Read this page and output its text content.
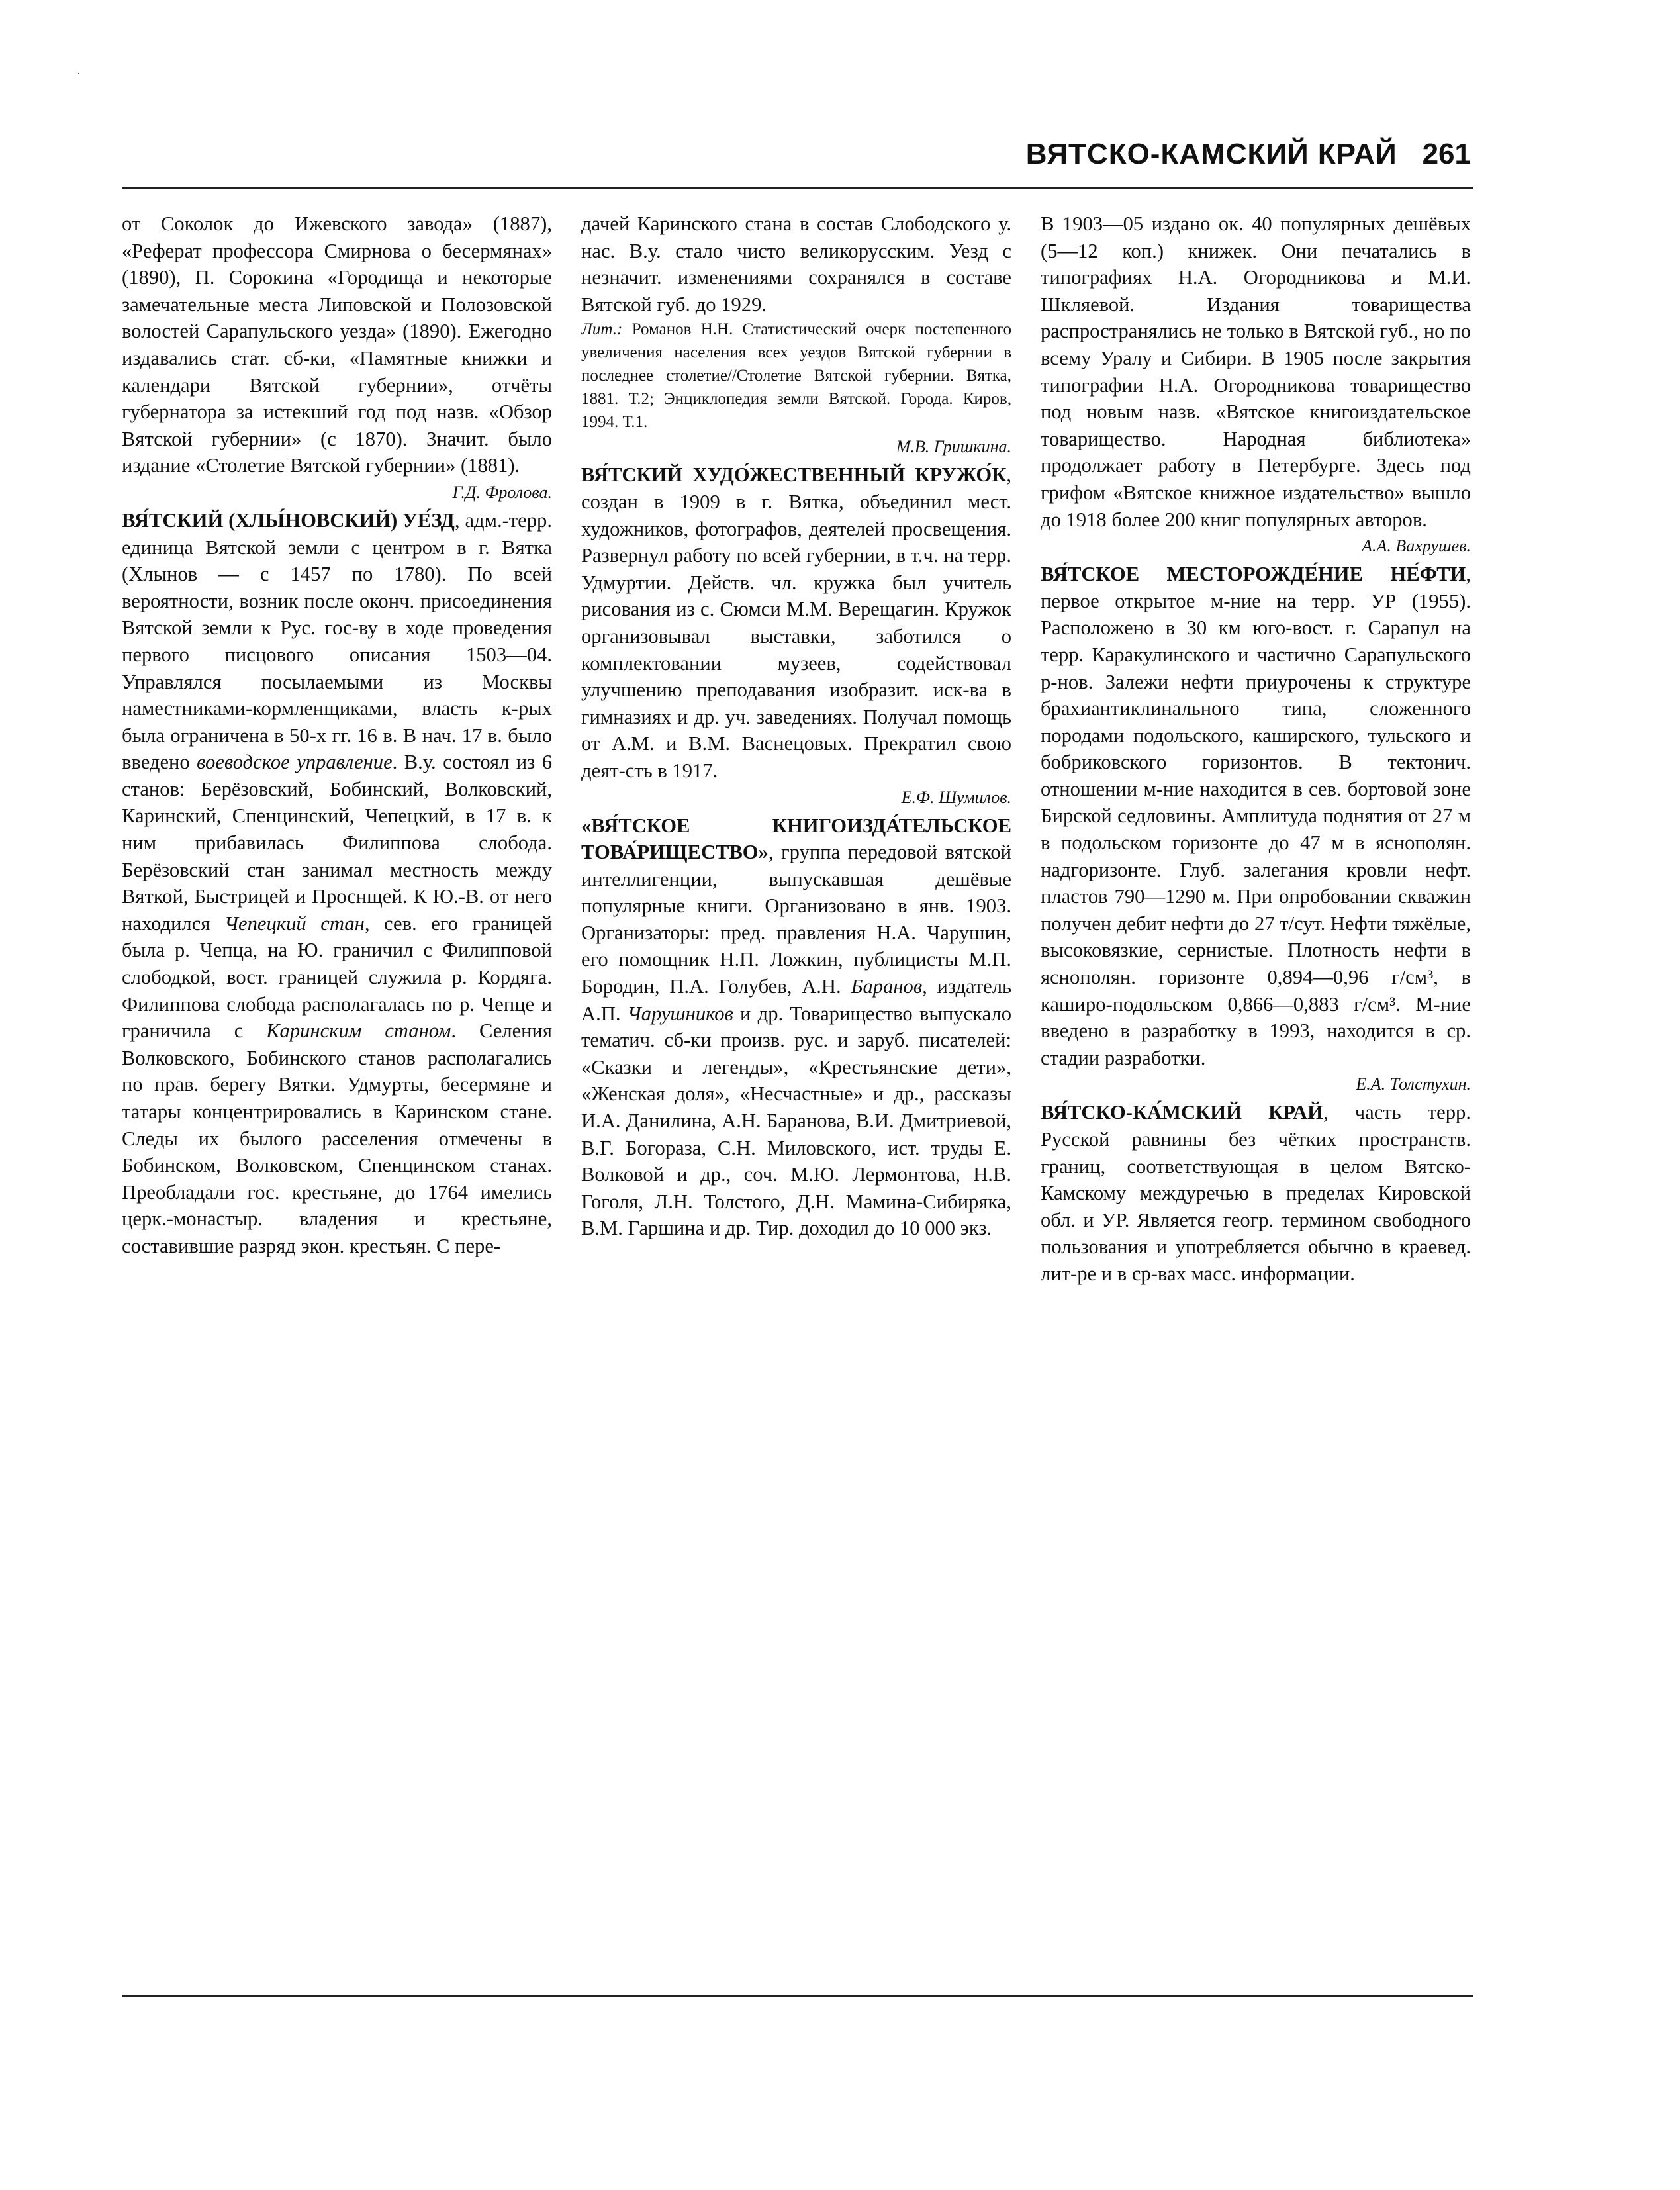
ВЯТСКО-КАМСКИЙ КРАЙ 261

от Соколок до Ижевского завода» (1887), «Реферат профессора Смирнова о бесермянах» (1890), П. Сорокина «Городища и некоторые замечательные места Липовской и Полозовской волостей Сарапульского уезда» (1890). Ежегодно издавались стат. сб-ки, «Памятные книжки и календари Вятской губернии», отчёты губернатора за истекший год под назв. «Обзор Вятской губернии» (с 1870). Значит. было издание «Столетие Вятской губернии» (1881).

Г.Д. Фролова.

ВЯ́ТСКИЙ (ХЛЫ́НОВСКИЙ) УЕ́ЗД, адм.-терр. единица Вятской земли с центром в г. Вятка (Хлынов — с 1457 по 1780). По всей вероятности, возник после оконч. присоединения Вятской земли к Рус. гос-ву в ходе проведения первого писцового описания 1503—04. Управлялся посылаемыми из Москвы наместниками-кормленщиками, власть к-рых была ограничена в 50-х гг. 16 в. В нач. 17 в. было введено воеводское управление. В.у. состоял из 6 станов: Берёзовский, Бобинский, Волковский, Каринский, Спенцинский, Чепецкий, в 17 в. к ним прибавилась Филиппова слобода. Берёзовский стан занимал местность между Вяткой, Быстрицей и Проснщей. К Ю.-В. от него находился Чепецкий стан, сев. его границей была р. Чепца, на Ю. граничил с Филипповой слободкой, вост. границей служила р. Кордяга. Филиппова слобода располагалась по р. Чепце и граничила с Каринским станом. Селения Волковского, Бобинского станов располагались по прав. берегу Вятки. Удмурты, бесермяне и татары концентрировались в Каринском стане. Следы их былого расселения отмечены в Бобинском, Волковском, Спенцинском станах. Преобладали гос. крестьяне, до 1764 имелись церк.-монастыр. владения и крестьяне, составившие разряд экон. крестьян. С пере-

дачей Каринского стана в состав Слободского у. нас. В.у. стало чисто великорусским. Уезд с незначит. изменениями сохранялся в составе Вятской губ. до 1929.

Лит.: Романов Н.Н. Статистический очерк постепенного увеличения населения всех уездов Вятской губернии в последнее столетие//Столетие Вятской губернии. Вятка, 1881. Т.2; Энциклопедия земли Вятской. Города. Киров, 1994. Т.1.

М.В. Гришкина.

ВЯ́ТСКИЙ ХУДО́ЖЕСТВЕННЫЙ КРУЖО́К, создан в 1909 в г. Вятка, объединил мест. художников, фотографов, деятелей просвещения. Развернул работу по всей губернии, в т.ч. на терр. Удмуртии. Действ. чл. кружка был учитель рисования из с. Сюмси М.М. Верещагин. Кружок организовывал выставки, заботился о комплектовании музеев, содействовал улучшению преподавания изобразит. иск-ва в гимназиях и др. уч. заведениях. Получал помощь от А.М. и В.М. Васнецовых. Прекратил свою деят-сть в 1917.

Е.Ф. Шумилов.

«ВЯ́ТСКОЕ КНИГОИЗДА́ТЕЛЬСКОЕ ТОВА́РИЩЕСТВО», группа передовой вятской интеллигенции, выпускавшая дешёвые популярные книги. Организовано в янв. 1903. Организаторы: пред. правления Н.А. Чарушин, его помощник Н.П. Ложкин, публицисты М.П. Бородин, П.А. Голубев, А.Н. Баранов, издатель А.П. Чарушников и др. Товарищество выпускало тематич. сб-ки произв. рус. и заруб. писателей: «Сказки и легенды», «Крестьянские дети», «Женская доля», «Несчастные» и др., рассказы И.А. Данилина, А.Н. Баранова, В.И. Дмитриевой, В.Г. Богораза, С.Н. Миловского, ист. труды Е. Волковой и др., соч. М.Ю. Лермонтова, Н.В. Гоголя, Л.Н. Толстого, Д.Н. Мамина-Сибиряка, В.М. Гаршина и др. Тир. доходил до 10 000 экз.

В 1903—05 издано ок. 40 популярных дешёвых (5—12 коп.) книжек. Они печатались в типографиях Н.А. Огородникова и М.И. Шкляевой. Издания товарищества распространялись не только в Вятской губ., но по всему Уралу и Сибири. В 1905 после закрытия типографии Н.А. Огородникова товарищество под новым назв. «Вятское книгоиздательское товарищество. Народная библиотека» продолжает работу в Петербурге. Здесь под грифом «Вятское книжное издательство» вышло до 1918 более 200 книг популярных авторов.

А.А. Вахрушев.

ВЯ́ТСКОЕ МЕСТОРОЖДЕ́НИЕ НЕ́ФТИ, первое открытое м-ние на терр. УР (1955). Расположено в 30 км юго-вост. г. Сарапул на терр. Каракулинского и частично Сарапульского р-нов. Залежи нефти приурочены к структуре брахиантиклинального типа, сложенного породами подольского, каширского, тульского и бобриковского горизонтов. В тектонич. отношении м-ние находится в сев. бортовой зоне Бирской седловины. Амплитуда поднятия от 27 м в подольском горизонте до 47 м в яснополян. надгоризонте. Глуб. залегания кровли нефт. пластов 790—1290 м. При опробовании скважин получен дебит нефти до 27 т/сут. Нефти тяжёлые, высоковязкие, сернистые. Плотность нефти в яснополян. горизонте 0,894—0,96 г/см³, в каширо-подольском 0,866—0,883 г/см³. М-ние введено в разработку в 1993, находится в ср. стадии разработки.

Е.А. Толстухин.

ВЯ́ТСКО-КА́МСКИЙ КРАЙ, часть терр. Русской равнины без чётких пространств. границ, соответствующая в целом Вятско-Камскому междуречью в пределах Кировской обл. и УР. Является геогр. термином свободного пользования и употребляется обычно в краевед. лит-ре и в ср-вах масс. информации.
